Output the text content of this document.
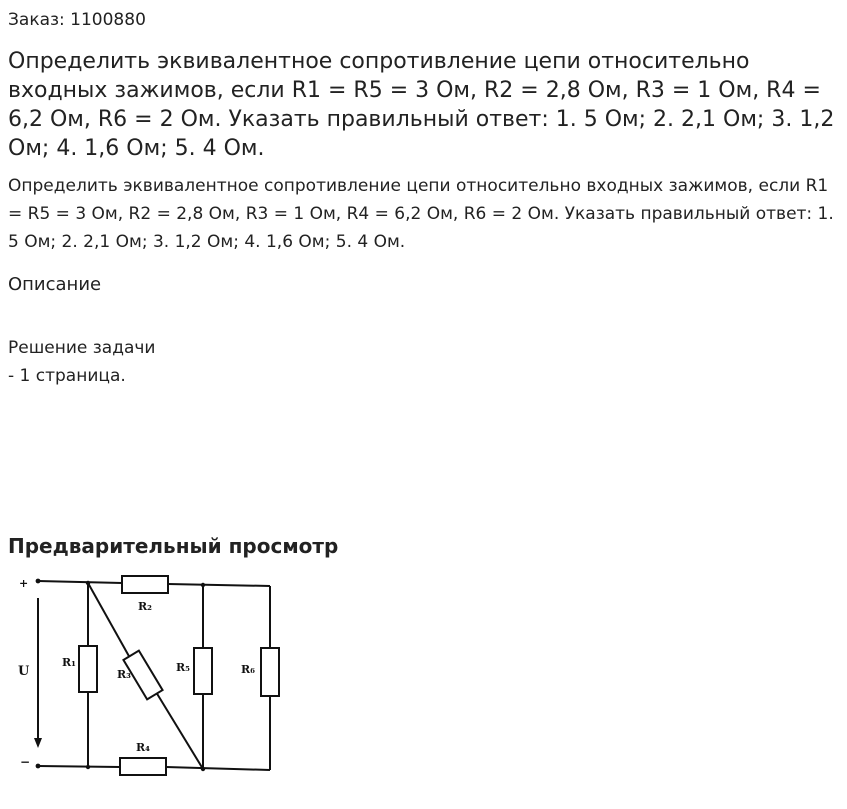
Заказ: 1100880
Определить эквивалентное сопротивление цепи относительно входных зажимов, если R1 = R5 = 3 Ом, R2 = 2,8 Ом, R3 = 1 Ом, R4 = 6,2 Ом, R6 = 2 Ом. Указать правильный ответ: 1. 5 Ом; 2. 2,1 Ом; 3. 1,2 Ом; 4. 1,6 Ом; 5. 4 Ом.

Определить эквивалентное сопротивление цепи относительно входных зажимов, если R1 = R5 = 3 Ом, R2 = 2,8 Ом, R3 = 1 Ом, R4 = 6,2 Ом, R6 = 2 Ом. Указать правильный ответ: 1. 5 Ом; 2. 2,1 Ом; 3. 1,2 Ом; 4. 1,6 Ом; 5. 4 Ом.

Описание
Решение задачи
- 1 страница.
Предварительный просмотр
+
−
U
R₂
R₄
R₁
R₃
R₅	R₆
